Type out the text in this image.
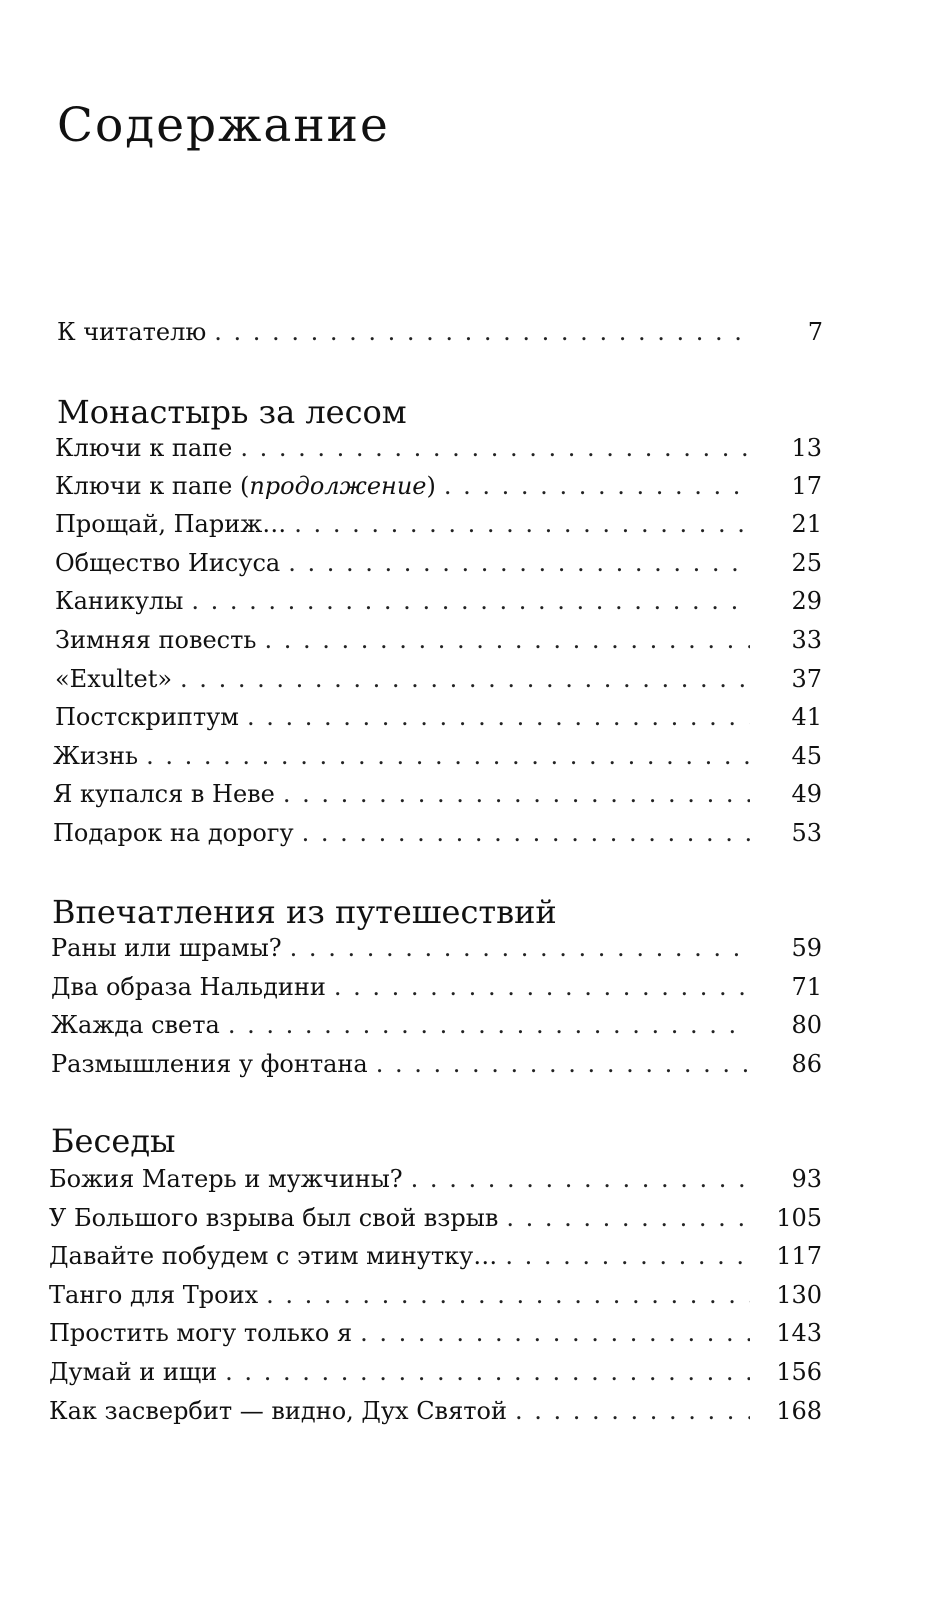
Содержание
К читателю . . .	7
Монастырь за лесом
Ключи к папе . . .	13
Ключи к папе (продолжение) . . .	17
Прощай, Париж… . . .	21
Общество Иисуса . . .	25
Каникулы . . .	29
Зимняя повесть . . .	33
«Exultet» . . .	37
Постскриптум . . .	41
Жизнь . . .	45
Я купался в Неве . . .	49
Подарок на дорогу . . .	53
Впечатления из путешествий
Раны или шрамы? . . .	59
Два образа Нальдини . . .	71
Жажда света . . .	80
Размышления у фонтана . . .	86
Беседы
Божия Матерь и мужчины? . . .	93
У Большого взрыва был свой взрыв . . .	105
Давайте побудем с этим минутку… . . .	117
Танго для Троих . . .	130
Простить могу только я . . .	143
Думай и ищи . . .	156
Как засвербит — видно, Дух Святой . . .	168
